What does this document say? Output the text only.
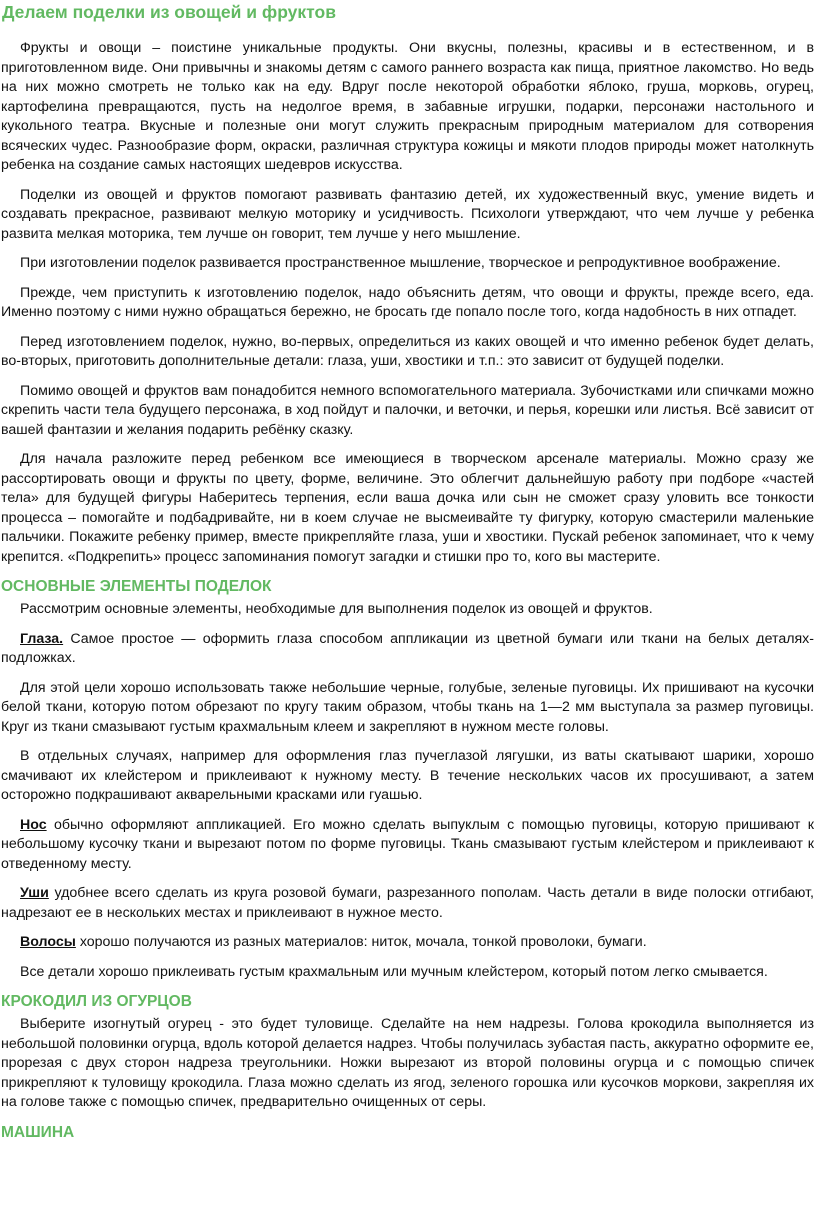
Делаем поделки из овощей и фруктов

Фрукты и овощи – поистине уникальные продукты. Они вкусны, полезны, красивы и в естественном, и в приготовленном виде. Они привычны и знакомы детям с самого раннего возраста как пища, приятное лакомство. Но ведь на них можно смотреть не только как на еду. Вдруг после некоторой обработки яблоко, груша, морковь, огурец, картофелина превращаются, пусть на недолгое время, в забавные игрушки, подарки, персонажи настольного и кукольного театра. Вкусные и полезные они могут служить прекрасным природным материалом для сотворения всяческих чудес. Разнообразие форм, окраски, различная структура кожицы и мякоти плодов природы может натолкнуть ребенка на создание самых настоящих шедевров искусства.

Поделки из овощей и фруктов помогают развивать фантазию детей, их художественный вкус, умение видеть и создавать прекрасное, развивают мелкую моторику и усидчивость. Психологи утверждают, что чем лучше у ребенка развита мелкая моторика, тем лучше он говорит, тем лучше у него мышление.

При изготовлении поделок развивается пространственное мышление, творческое и репродуктивное воображение.

Прежде, чем приступить к изготовлению поделок, надо объяснить детям, что овощи и фрукты, прежде всего, еда. Именно поэтому с ними нужно обращаться бережно, не бросать где попало после того, когда надобность в них отпадет.

Перед изготовлением поделок, нужно, во-первых, определиться из каких овощей и что именно ребенок будет делать, во-вторых, приготовить дополнительные детали: глаза, уши, хвостики и т.п.: это зависит от будущей поделки.

Помимо овощей и фруктов вам понадобится немного вспомогательного материала. Зубочистками или спичками можно скрепить части тела будущего персонажа, в ход пойдут и палочки, и веточки, и перья, корешки или листья. Всё зависит от вашей фантазии и желания подарить ребёнку сказку.

Для начала разложите перед ребенком все имеющиеся в творческом арсенале материалы. Можно сразу же рассортировать овощи и фрукты по цвету, форме, величине. Это облегчит дальнейшую работу при подборе «частей тела» для будущей фигуры Наберитесь терпения, если ваша дочка или сын не сможет сразу уловить все тонкости процесса – помогайте и подбадривайте, ни в коем случае не высмеивайте ту фигурку, которую смастерили маленькие пальчики. Покажите ребенку пример, вместе прикрепляйте глаза, уши и хвостики. Пускай ребенок запоминает, что к чему крепится. «Подкрепить» процесс запоминания помогут загадки и стишки про то, кого вы мастерите.

ОСНОВНЫЕ ЭЛЕМЕНТЫ ПОДЕЛОК

Рассмотрим основные элементы, необходимые для выполнения поделок из овощей и фруктов.

Глаза. Самое простое — оформить глаза способом аппликации из цветной бумаги или ткани на белых деталях-подложках.

Для этой цели хорошо использовать также небольшие черные, голубые, зеленые пуговицы. Их пришивают на кусочки белой ткани, которую потом обрезают по кругу таким образом, чтобы ткань на 1—2 мм выступала за размер пуговицы. Круг из ткани смазывают густым крахмальным клеем и закрепляют в нужном месте головы.

В отдельных случаях, например для оформления глаз пучеглазой лягушки, из ваты скатывают шарики, хорошо смачивают их клейстером и приклеивают к нужному месту. В течение нескольких часов их просушивают, а затем осторожно подкрашивают акварельными красками или гуашью.

Нос обычно оформляют аппликацией. Его можно сделать выпуклым с помощью пуговицы, которую пришивают к небольшому кусочку ткани и вырезают потом по форме пуговицы. Ткань смазывают густым клейстером и приклеивают к отведенному месту.

Уши удобнее всего сделать из круга розовой бумаги, разрезанного пополам. Часть детали в виде полоски отгибают, надрезают ее в нескольких местах и приклеивают в нужное место.

Волосы хорошо получаются из разных материалов: ниток, мочала, тонкой проволоки, бумаги.

Все детали хорошо приклеивать густым крахмальным или мучным клейстером, который потом легко смывается.

КРОКОДИЛ ИЗ ОГУРЦОВ

Выберите изогнутый огурец - это будет туловище. Сделайте на нем надрезы. Голова крокодила выполняется из небольшой половинки огурца, вдоль которой делается надрез. Чтобы получилась зубастая пасть, аккуратно оформите ее, прорезая с двух сторон надреза треугольники. Ножки вырезают из второй половины огурца и с помощью спичек прикрепляют к туловищу крокодила. Глаза можно сделать из ягод, зеленого горошка или кусочков моркови, закрепляя их на голове также с помощью спичек, предварительно очищенных от серы.

МАШИНА
